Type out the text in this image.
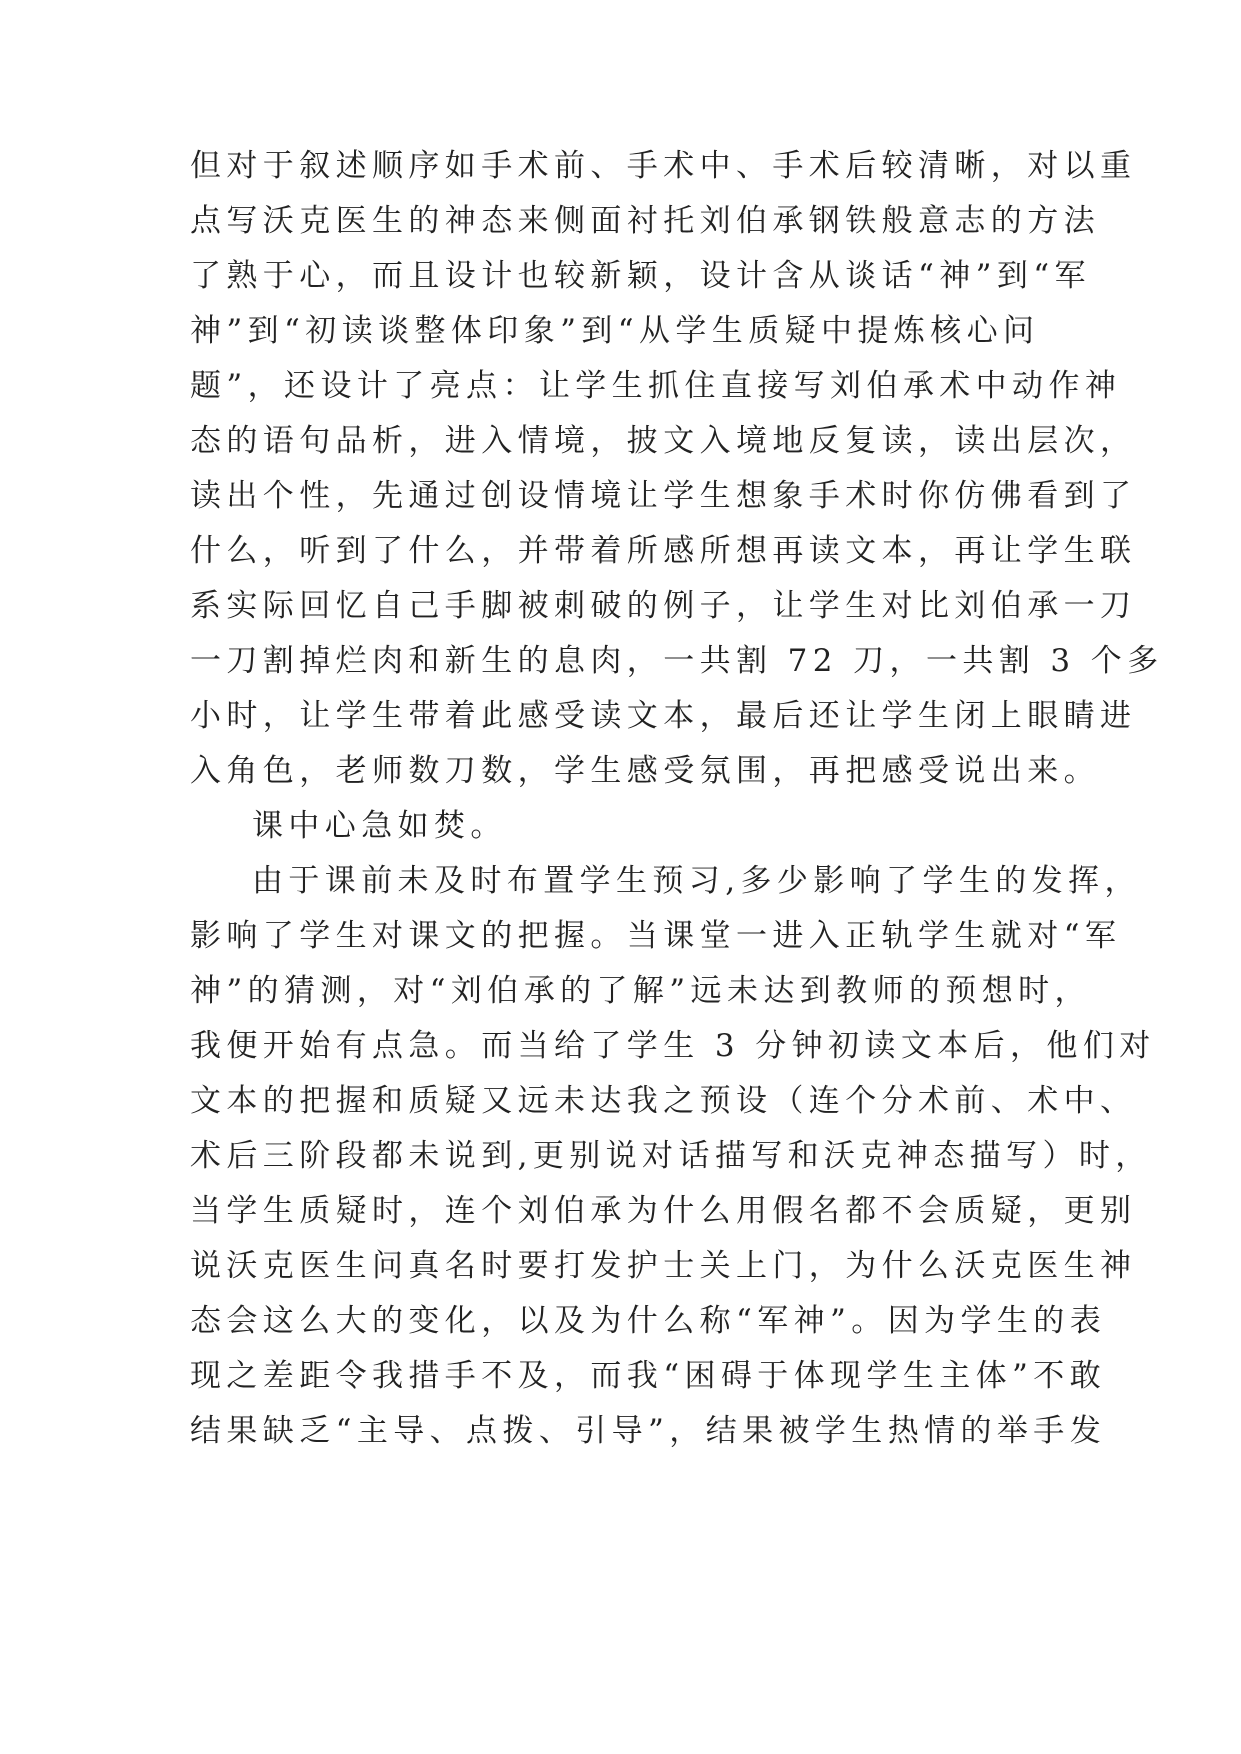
但对于叙述顺序如手术前、手术中、手术后较清晰，对以重
点写沃克医生的神态来侧面衬托刘伯承钢铁般意志的方法
了熟于心，而且设计也较新颖，设计含从谈话“神”到“军
神”到“初读谈整体印象”到“从学生质疑中提炼核心问
题”，还设计了亮点：让学生抓住直接写刘伯承术中动作神
态的语句品析，进入情境，披文入境地反复读，读出层次，
读出个性，先通过创设情境让学生想象手术时你仿佛看到了
什么，听到了什么，并带着所感所想再读文本，再让学生联
系实际回忆自己手脚被刺破的例子，让学生对比刘伯承一刀
一刀割掉烂肉和新生的息肉，一共割 72 刀，一共割 3 个多
小时，让学生带着此感受读文本，最后还让学生闭上眼睛进
入角色，老师数刀数，学生感受氛围，再把感受说出来。
课中心急如焚。
由于课前未及时布置学生预习,多少影响了学生的发挥，
影响了学生对课文的把握。当课堂一进入正轨学生就对“军
神”的猜测，对“刘伯承的了解”远未达到教师的预想时，
我便开始有点急。而当给了学生 3 分钟初读文本后，他们对
文本的把握和质疑又远未达我之预设（连个分术前、术中、
术后三阶段都未说到,更别说对话描写和沃克神态描写）时，
当学生质疑时，连个刘伯承为什么用假名都不会质疑，更别
说沃克医生问真名时要打发护士关上门，为什么沃克医生神
态会这么大的变化，以及为什么称“军神”。因为学生的表
现之差距令我措手不及，而我“困碍于体现学生主体”不敢
结果缺乏“主导、点拨、引导”，结果被学生热情的举手发
